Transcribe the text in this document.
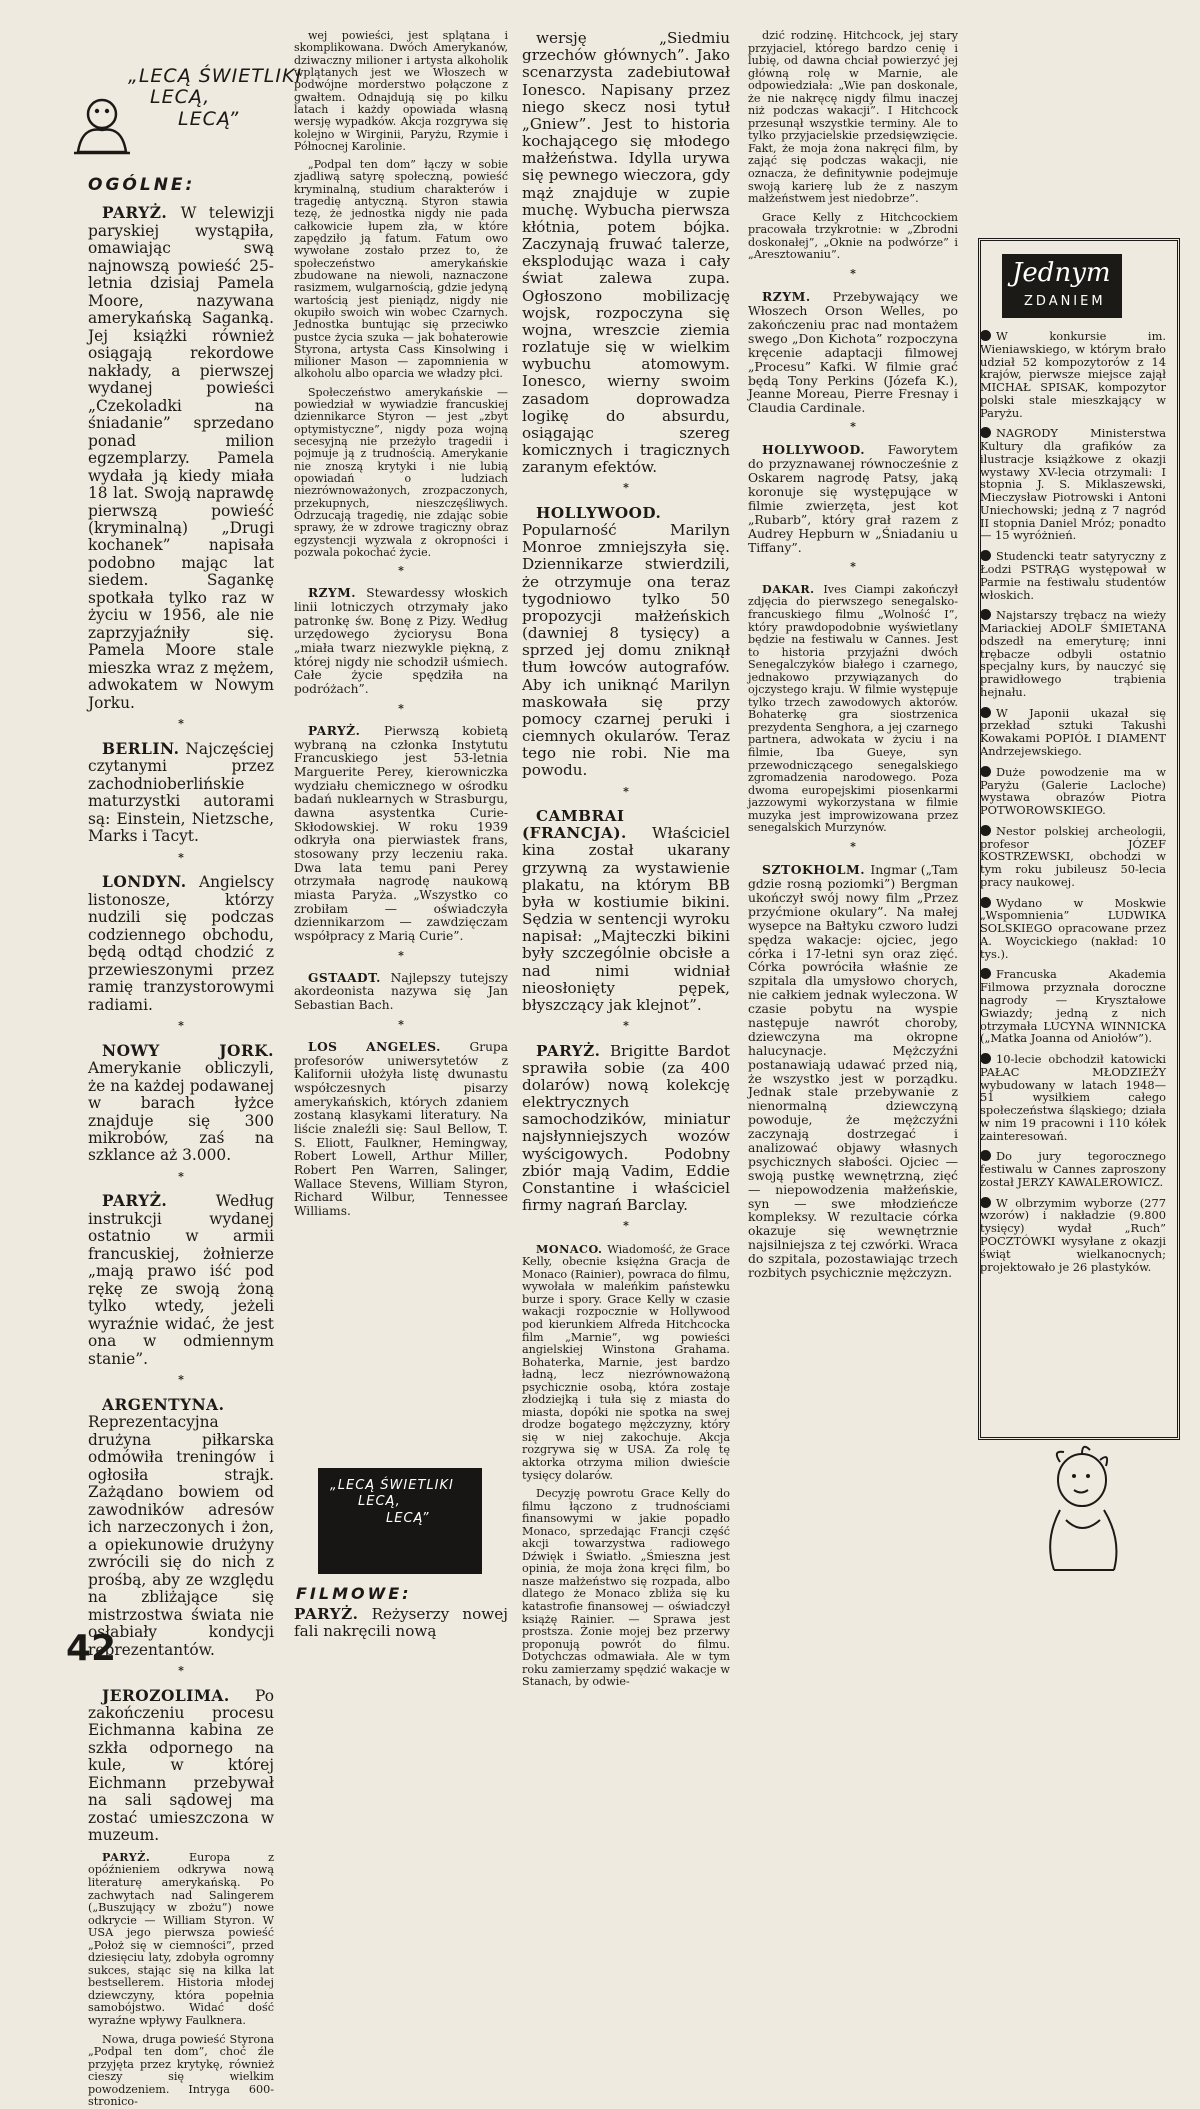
„LECĄ ŚWIETLIKI
LECĄ,
LECĄ”
OGÓLNE:

PARYŻ. W telewizji paryskiej wystąpiła, omawiając swą najnowszą powieść 25-letnia dzisiaj Pamela Moore, nazywana amerykańską Saganką. Jej książki również osiągają rekordowe nakłady, a pierwszej wydanej powieści „Czekoladki na śniadanie” sprzedano ponad milion egzemplarzy. Pamela wydała ją kiedy miała 18 lat. Swoją naprawdę pierwszą powieść (kryminalną) „Drugi kochanek” napisała podobno mając lat siedem. Sagankę spotkała tylko raz w życiu w 1956, ale nie zaprzyjaźniły się. Pamela Moore stale mieszka wraz z mężem, adwokatem w Nowym Jorku.

*

BERLIN. Najczęściej czytanymi przez zachodnioberlińskie maturzystki autorami są: Einstein, Nietzsche, Marks i Tacyt.

*

LONDYN. Angielscy listonosze, którzy nudzili się podczas codziennego obchodu, będą odtąd chodzić z przewieszonymi przez ramię tranzystorowymi radiami.

*

NOWY JORK. Amerykanie obliczyli, że na każdej podawanej w barach łyżce znajduje się 300 mikrobów, zaś na szklance aż 3.000.

*

PARYŻ. Według instrukcji wydanej ostatnio w armii francuskiej, żołnierze „mają prawo iść pod rękę ze swoją żoną tylko wtedy, jeżeli wyraźnie widać, że jest ona w odmiennym stanie”.

*

ARGENTYNA. Reprezentacyjna drużyna piłkarska odmówiła treningów i ogłosiła strajk. Zażądano bowiem od zawodników adresów ich narzeczonych i żon, a opiekunowie drużyny zwrócili się do nich z prośbą, aby ze względu na zbliżające się mistrzostwa świata nie osłabiały kondycji reprezentantów.

*

JEROZOLIMA. Po zakończeniu procesu Eichmanna kabina ze szkła odpornego na kule, w której Eichmann przebywał na sali sądowej ma zostać umieszczona w muzeum.

PARYŻ. Europa z opóźnieniem odkrywa nową literaturę amerykańską. Po zachwytach nad Salingerem („Buszujący w zbożu”) nowe odkrycie — William Styron. W USA jego pierwsza powieść „Położ się w ciemności”, przed dziesięciu laty, zdobyła ogromny sukces, stając się na kilka lat bestsellerem. Historia młodej dziewczyny, która popełnia samobójstwo. Widać dość wyraźne wpływy Faulknera.

Nowa, druga powieść Styrona „Podpal ten dom”, choć źle przyjęta przez krytykę, również cieszy się wielkim powodzeniem. Intryga 600-stronico-

wej powieści, jest splątana i skomplikowana. Dwóch Amerykanów, dziwaczny milioner i artysta alkoholik wplątanych jest we Włoszech w podwójne morderstwo połączone z gwałtem. Odnajdują się po kilku latach i każdy opowiada własną wersję wypadków. Akcja rozgrywa się kolejno w Wirginii, Paryżu, Rzymie i Północnej Karolinie.

„Podpal ten dom” łączy w sobie zjadliwą satyrę społeczną, powieść kryminalną, studium charakterów i tragedię antyczną. Styron stawia tezę, że jednostka nigdy nie pada całkowicie łupem zła, w które zapędziło ją fatum. Fatum owo wywołane zostało przez to, że społeczeństwo amerykańskie zbudowane na niewoli, naznaczone rasizmem, wulgarnością, gdzie jedyną wartością jest pieniądz, nigdy nie okupiło swoich win wobec Czarnych. Jednostka buntując się przeciwko pustce życia szuka — jak bohaterowie Styrona, artysta Cass Kinsolwing i milioner Mason — zapomnienia w alkoholu albo oparcia we władzy płci.

Społeczeństwo amerykańskie — powiedział w wywiadzie francuskiej dziennikarce Styron — jest „zbyt optymistyczne”, nigdy poza wojną secesyjną nie przeżyło tragedii i pojmuje ją z trudnością. Amerykanie nie znoszą krytyki i nie lubią opowiadań o ludziach niezrównoważonych, zrozpaczonych, przekupnych, nieszczęśliwych. Odrzucają tragedię, nie zdając sobie sprawy, że w zdrowe tragiczny obraz egzystencji wyzwala z okropności i pozwala pokochać życie.

*

RZYM. Stewardessy włoskich linii lotniczych otrzymały jako patronkę św. Bonę z Pizy. Według urzędowego życiorysu Bona „miała twarz niezwykle piękną, z której nigdy nie schodził uśmiech. Całe życie spędziła na podróżach”.

*

PARYŻ. Pierwszą kobietą wybraną na członka Instytutu Francuskiego jest 53-letnia Marguerite Perey, kierowniczka wydziału chemicznego w ośrodku badań nuklearnych w Strasburgu, dawna asystentka Curie-Skłodowskiej. W roku 1939 odkryła ona pierwiastek frans, stosowany przy leczeniu raka. Dwa lata temu pani Perey otrzymała nagrodę naukową miasta Paryża. „Wszystko co zrobiłam — oświadczyła dziennikarzom — zawdzięczam współpracy z Marią Curie”.

*

GSTAADT. Najlepszy tutejszy akordeonista nazywa się Jan Sebastian Bach.

*

LOS ANGELES. Grupa profesorów uniwersytetów z Kalifornii ułożyła listę dwunastu współczesnych pisarzy amerykańskich, których zdaniem zostaną klasykami literatury. Na liście znaleźli się: Saul Bellow, T. S. Eliott, Faulkner, Hemingway, Robert Lowell, Arthur Miller, Robert Pen Warren, Salinger, Wallace Stevens, William Styron, Richard Wilbur, Tennessee Williams.

„LECĄ ŚWIETLIKI
LECĄ,
LECĄ”
FILMOWE:
PARYŻ. Reżyserzy nowej fali nakręcili nową

wersję „Siedmiu grzechów głównych”. Jako scenarzysta zadebiutował Ionesco. Napisany przez niego skecz nosi tytuł „Gniew”. Jest to historia kochającego się młodego małżeństwa. Idylla urywa się pewnego wieczora, gdy mąż znajduje w zupie muchę. Wybucha pierwsza kłótnia, potem bójka. Zaczynają fruwać talerze, eksplodując waza i cały świat zalewa zupa. Ogłoszono mobilizację wojsk, rozpoczyna się wojna, wreszcie ziemia rozlatuje się w wielkim wybuchu atomowym. Ionesco, wierny swoim zasadom doprowadza logikę do absurdu, osiągając szereg komicznych i tragicznych zaranym efektów.

*

HOLLYWOOD. Popularność Marilyn Monroe zmniejszyła się. Dziennikarze stwierdzili, że otrzymuje ona teraz tygodniowo tylko 50 propozycji małżeńskich (dawniej 8 tysięcy) a sprzed jej domu zniknął tłum łowców autografów. Aby ich uniknąć Marilyn maskowała się przy pomocy czarnej peruki i ciemnych okularów. Teraz tego nie robi. Nie ma powodu.

*

CAMBRAI (FRANCJA). Właściciel kina został ukarany grzywną za wystawienie plakatu, na którym BB była w kostiumie bikini. Sędzia w sentencji wyroku napisał: „Majteczki bikini były szczególnie obcisłe a nad nimi widniał nieosłonięty pępek, błyszczący jak klejnot”.

*

PARYŻ. Brigitte Bardot sprawiła sobie (za 400 dolarów) nową kolekcję elektrycznych samochodzików, miniatur najsłynniejszych wozów wyścigowych. Podobny zbiór mają Vadim, Eddie Constantine i właściciel firmy nagrań Barclay.

*

MONACO. Wiadomość, że Grace Kelly, obecnie księżna Gracja de Monaco (Rainier), powraca do filmu, wywołała w maleńkim państewku burze i spory. Grace Kelly w czasie wakacji rozpocznie w Hollywood pod kierunkiem Alfreda Hitchcocka film „Marnie”, wg powieści angielskiej Winstona Grahama. Bohaterka, Marnie, jest bardzo ładną, lecz niezrównoważoną psychicznie osobą, która zostaje złodziejką i tuła się z miasta do miasta, dopóki nie spotka na swej drodze bogatego mężczyzny, który się w niej zakochuje. Akcja rozgrywa się w USA. Za rolę tę aktorka otrzyma milion dwieście tysięcy dolarów.

Decyzję powrotu Grace Kelly do filmu łączono z trudnościami finansowymi w jakie popadło Monaco, sprzedając Francji część akcji towarzystwa radiowego Dźwięk i Światło. „Śmieszna jest opinia, że moja żona kręci film, bo nasze małżeństwo się rozpada, albo dlatego że Monaco zbliża się ku katastrofie finansowej — oświadczył książę Rainier. — Sprawa jest prostsza. Żonie mojej bez przerwy proponują powrót do filmu. Dotychczas odmawiała. Ale w tym roku zamierzamy spędzić wakacje w Stanach, by odwie-

dzić rodzinę. Hitchcock, jej stary przyjaciel, którego bardzo cenię i lubię, od dawna chciał powierzyć jej główną rolę w Marnie, ale odpowiedziała: „Wie pan doskonale, że nie nakręcę nigdy filmu inaczej niż podczas wakacji”. I Hitchcock przesunął wszystkie terminy. Ale to tylko przyjacielskie przedsięwzięcie. Fakt, że moja żona nakręci film, by zająć się podczas wakacji, nie oznacza, że definitywnie podejmuje swoją karierę lub że z naszym małżeństwem jest niedobrze”.

Grace Kelly z Hitchcockiem pracowała trzykrotnie: w „Zbrodni doskonałej”, „Oknie na podwórze” i „Aresztowaniu”.

*

RZYM. Przebywający we Włoszech Orson Welles, po zakończeniu prac nad montażem swego „Don Kichota” rozpoczyna kręcenie adaptacji filmowej „Procesu” Kafki. W filmie grać będą Tony Perkins (Józefa K.), Jeanne Moreau, Pierre Fresnay i Claudia Cardinale.

*

HOLLYWOOD. Faworytem do przyznawanej równocześnie z Oskarem nagrodę Patsy, jaką koronuje się występujące w filmie zwierzęta, jest kot „Rubarb”, który grał razem z Audrey Hepburn w „Śniadaniu u Tiffany”.

*

DAKAR. Ives Ciampi zakończył zdjęcia do pierwszego senegalsko-francuskiego filmu „Wolność I”, który prawdopodobnie wyświetlany będzie na festiwalu w Cannes. Jest to historia przyjaźni dwóch Senegalczyków białego i czarnego, jednakowo przywiązanych do ojczystego kraju. W filmie występuje tylko trzech zawodowych aktorów. Bohaterkę gra siostrzenica prezydenta Senghora, a jej czarnego partnera, adwokata w życiu i na filmie, Iba Gueye, syn przewodniczącego senegalskiego zgromadzenia narodowego. Poza dwoma europejskimi piosenkarmi jazzowymi wykorzystana w filmie muzyka jest improwizowana przez senegalskich Murzynów.

*

SZTOKHOLM. Ingmar („Tam gdzie rosną poziomki”) Bergman ukończył swój nowy film „Przez przyćmione okulary”. Na małej wysepce na Bałtyku czworo ludzi spędza wakacje: ojciec, jego córka i 17-letni syn oraz zięć. Córka powróciła właśnie ze szpitala dla umysłowo chorych, nie całkiem jednak wyleczona. W czasie pobytu na wyspie następuje nawrót choroby, dziewczyna ma okropne halucynacje. Mężczyźni postanawiają udawać przed nią, że wszystko jest w porządku. Jednak stale przebywanie z nienormalną dziewczyną powoduje, że mężczyźni zaczynają dostrzegać i analizować objawy własnych psychicznych słabości. Ojciec — swoją pustkę wewnętrzną, zięć — niepowodzenia małżeńskie, syn — swe młodzieńcze kompleksy. W rezultacie córka okazuje się wewnętrznie najsilniejsza z tej czwórki. Wraca do szpitala, pozostawiając trzech rozbitych psychicznie mężczyzn.

Jednym
ZDANIEM

W konkursie im. Wieniawskiego, w którym brało udział 52 kompozytorów z 14 krajów, pierwsze miejsce zajął MICHAŁ SPISAK, kompozytor polski stale mieszkający w Paryżu.

NAGRODY Ministerstwa Kultury dla grafików za ilustracje książkowe z okazji wystawy XV-lecia otrzymali: I stopnia J. S. Miklaszewski, Mieczysław Piotrowski i Antoni Uniechowski; jedną z 7 nagród II stopnia Daniel Mróz; ponadto — 15 wyróżnień.

Studencki teatr satyryczny z Łodzi PSTRĄG występował w Parmie na festiwalu studentów włoskich.

Najstarszy trębacz na wieży Mariackiej ADOLF ŚMIETANA odszedł na emeryturę; inni trębacze odbyli ostatnio specjalny kurs, by nauczyć się prawidłowego trąbienia hejnału.

W Japonii ukazał się przekład sztuki Takushi Kowakami POPIÓŁ I DIAMENT Andrzejewskiego.

Duże powodzenie ma w Paryżu (Galerie Lacloche) wystawa obrazów Piotra POTWOROWSKIEGO.

Nestor polskiej archeologii, profesor JÓZEF KOSTRZEWSKI, obchodzi w tym roku jubileusz 50-lecia pracy naukowej.

Wydano w Moskwie „Wspomnienia” LUDWIKA SOLSKIEGO opracowane przez A. Woycickiego (nakład: 10 tys.).

Francuska Akademia Filmowa przyznała doroczne nagrody — Kryształowe Gwiazdy; jedną z nich otrzymała LUCYNA WINNICKA („Matka Joanna od Aniołów”).

10-lecie obchodził katowicki PAŁAC MŁODZIEŻY wybudowany w latach 1948—51 wysiłkiem całego społeczeństwa śląskiego; działa w nim 19 pracowni i 110 kółek zainteresowań.

Do jury tegorocznego festiwalu w Cannes zaproszony został JERZY KAWALEROWICZ.

W olbrzymim wyborze (277 wzorów) i nakładzie (9.800 tysięcy) wydał „Ruch” POCZTÓWKI wysyłane z okazji świąt wielkanocnych; projektowało je 26 plastyków.

42
